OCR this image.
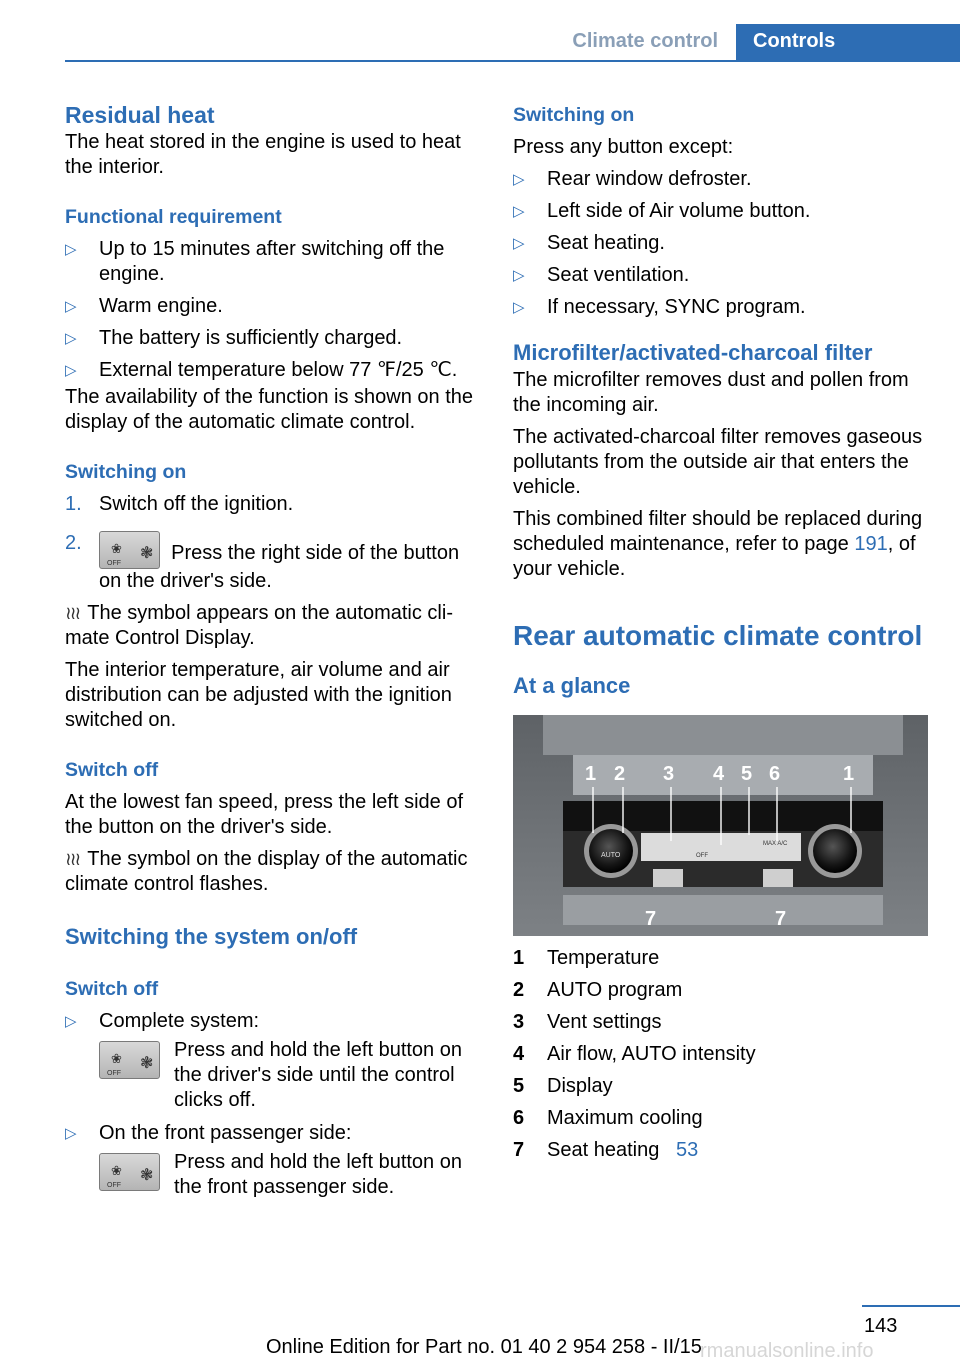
Climate control Controls
Residual heat

The heat stored in the engine is used to heat the interior.

Functional requirement
▷ Up to 15 minutes after switching off the engine.
▷ Warm engine.
▷ The battery is sufficiently charged.
▷ External temperature below 77 ℉/25 ℃.

The availability of the function is shown on the display of the automatic climate control.

Switching on
1. Switch off the ignition.
2. ❀
OFF
❃ Press the right side of the button on the driver's side.

≀≀≀ The symbol appears on the automatic cli‐ mate Control Display.

The interior temperature, air volume and air distribution can be adjusted with the ignition switched on.

Switch off

At the lowest fan speed, press the left side of the button on the driver's side.

≀≀≀ The symbol on the display of the automatic climate control flashes.

Switching the system on/off
Switch off
▷ Complete system:
❀
OFF
❃
Press and hold the left button on the driver's side until the control clicks off.
▷ On the front passenger side:
❀
OFF
❃
Press and hold the left button on the front passenger side.
Switching on

Press any button except:

▷ Rear window defroster.
▷ Left side of Air volume button.
▷ Seat heating.
▷ Seat ventilation.
▷ If necessary, SYNC program.
Microfilter/activated-charcoal filter

The microfilter removes dust and pollen from the incoming air.

The activated-charcoal filter removes gaseous pollutants from the outside air that enters the vehicle.

This combined filter should be replaced during scheduled maintenance, refer to page 191, of your vehicle.

Rear automatic climate control
At a glance
AUTO	OFF
MAX A/C
1 2 3 4 5 6	1
7	7
1 Temperature
2 AUTO program
3 Vent settings
4 Air flow, AUTO intensity
5 Display
6 Maximum cooling
7 Seat heating 53
143
Online Edition for Part no. 01 40 2 954 258 - II/15
rmanualsonline.info
